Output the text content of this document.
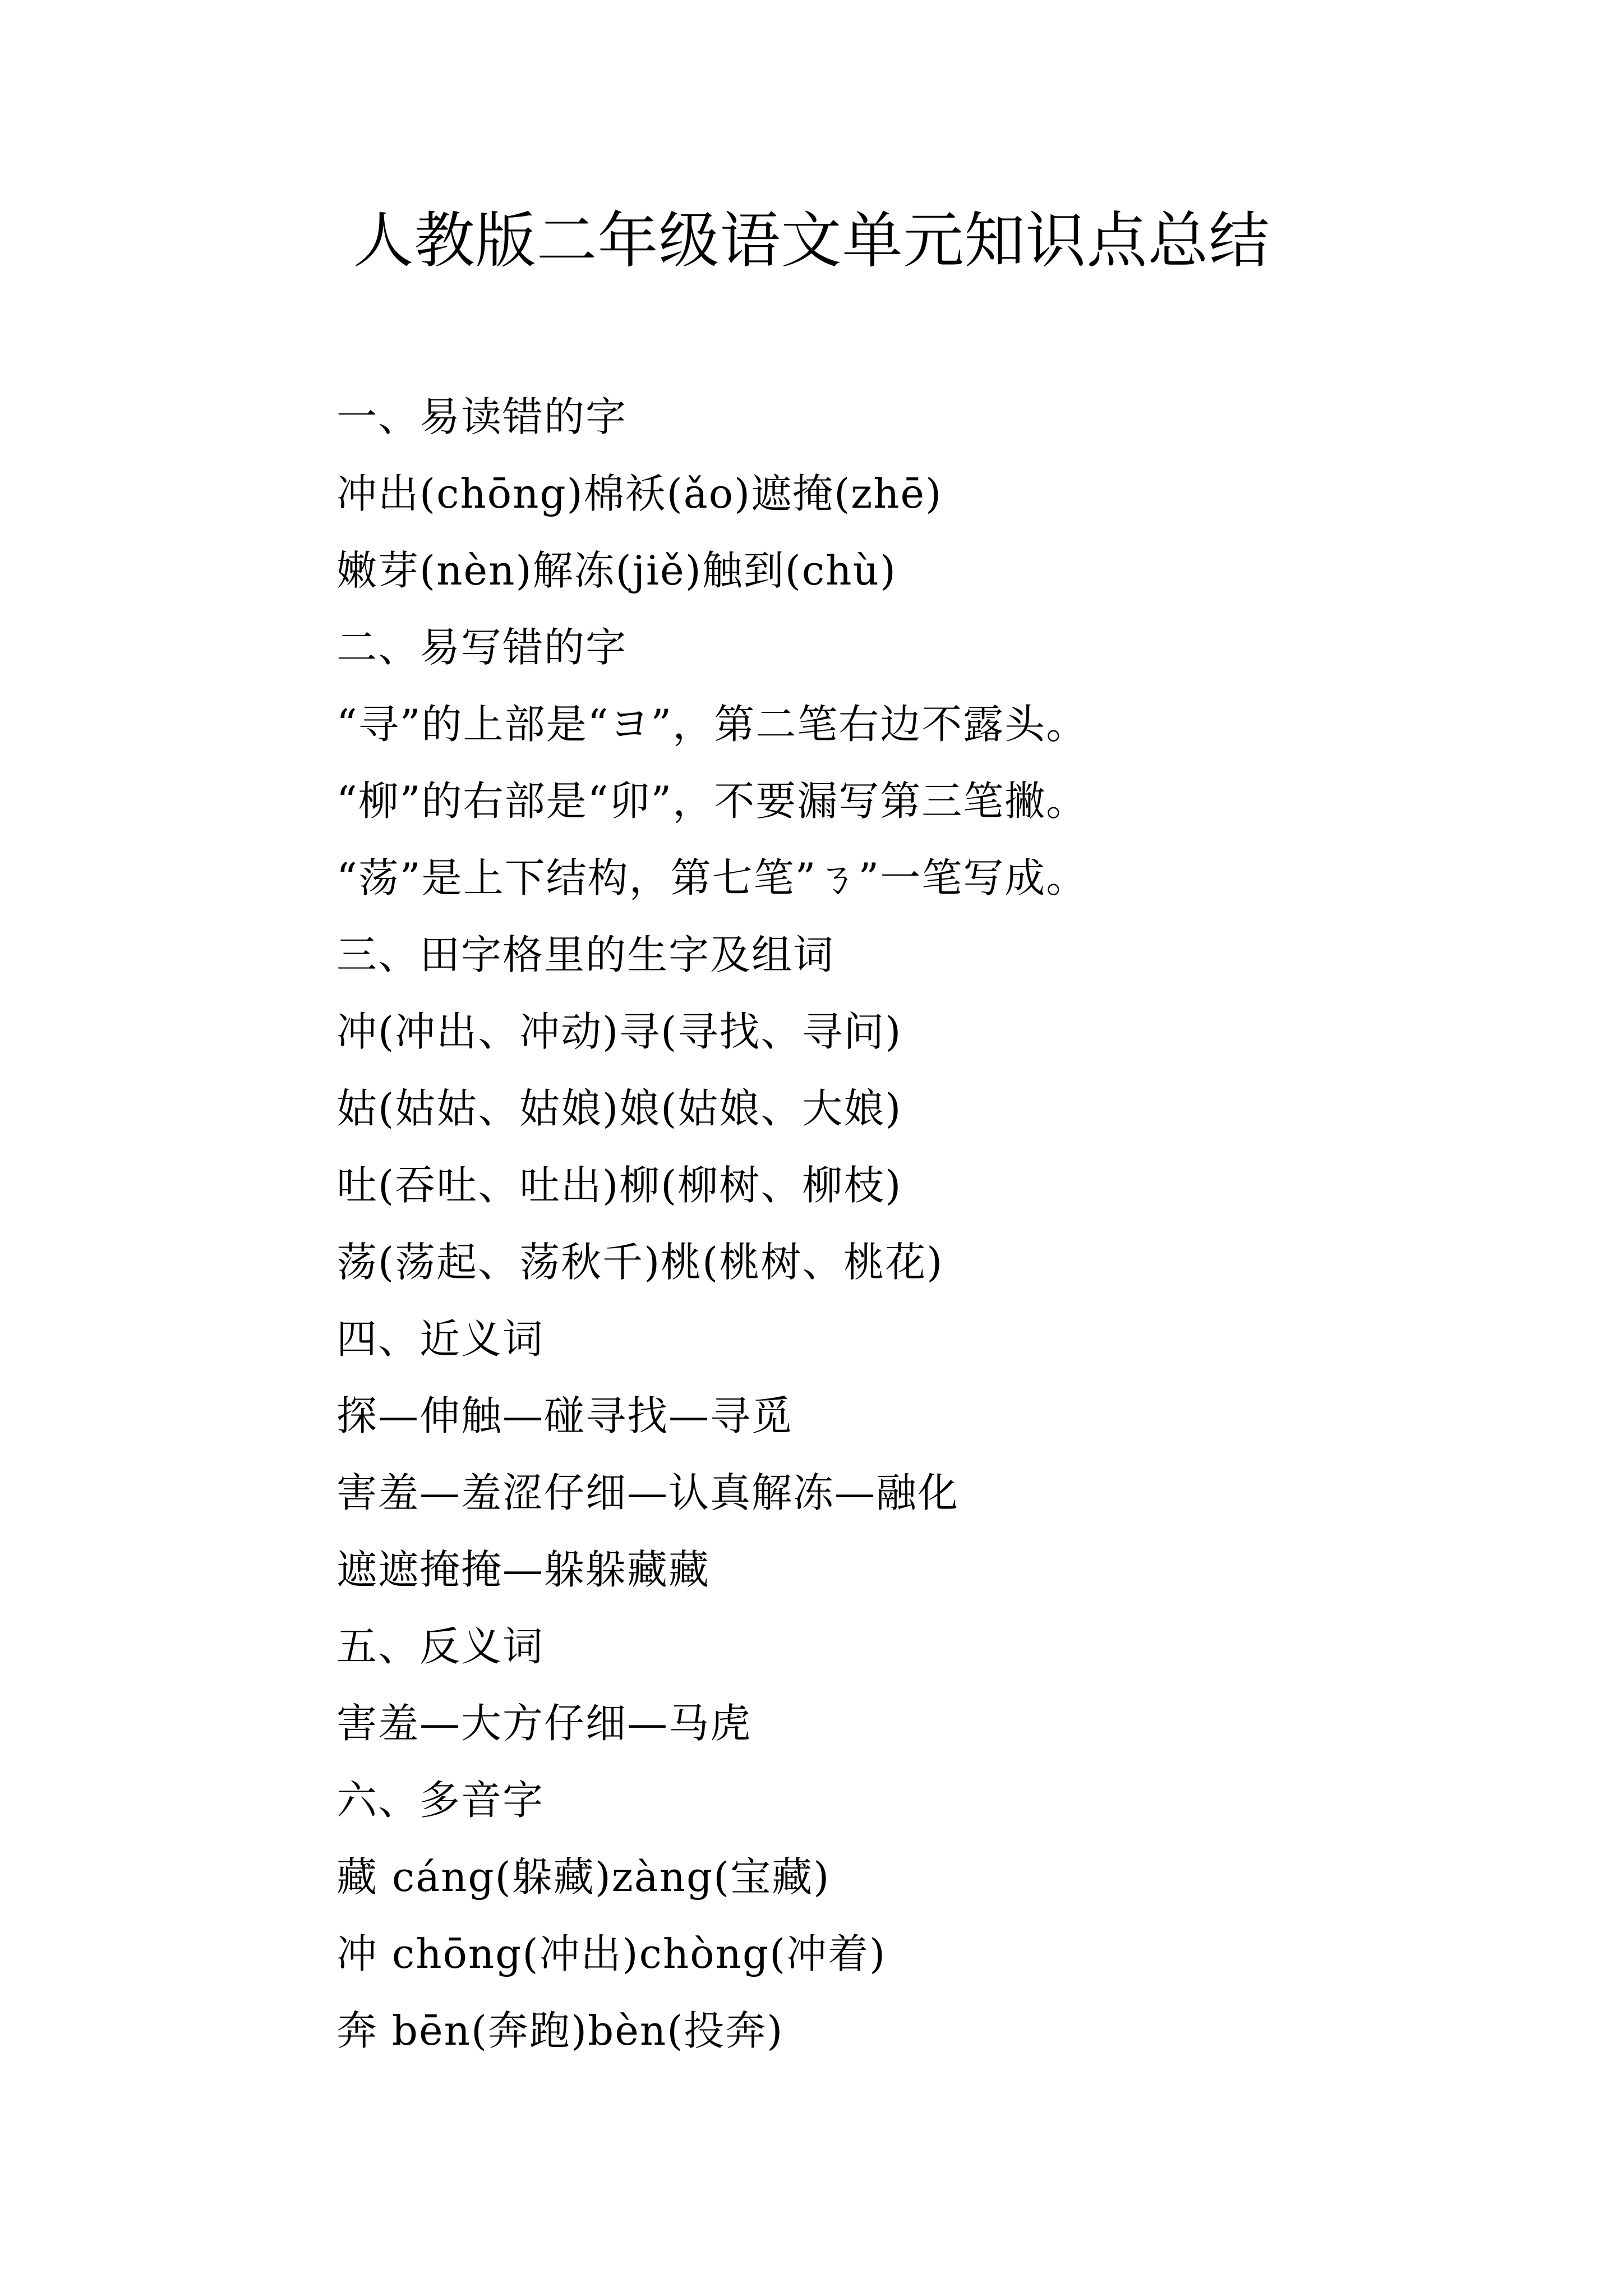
人教版二年级语文单元知识点总结
一、易读错的字
冲出(chōng)棉袄(ǎo)遮掩(zhē)
嫩芽(nèn)解冻(jiě)触到(chù)
二、易写错的字
“寻”的上部是“ヨ”，第二笔右边不露头。
“柳”的右部是“卯”，不要漏写第三笔撇。
“荡”是上下结构，第七笔”ㄋ”一笔写成。
三、田字格里的生字及组词
冲(冲出、冲动)寻(寻找、寻问)
姑(姑姑、姑娘)娘(姑娘、大娘)
吐(吞吐、吐出)柳(柳树、柳枝)
荡(荡起、荡秋千)桃(桃树、桃花)
四、近义词
探—伸触—碰寻找—寻觅
害羞—羞涩仔细—认真解冻—融化
遮遮掩掩—躲躲藏藏
五、反义词
害羞—大方仔细—马虎
六、多音字
藏 cáng(躲藏)zàng(宝藏)
冲 chōng(冲出)chòng(冲着)
奔 bēn(奔跑)bèn(投奔)
